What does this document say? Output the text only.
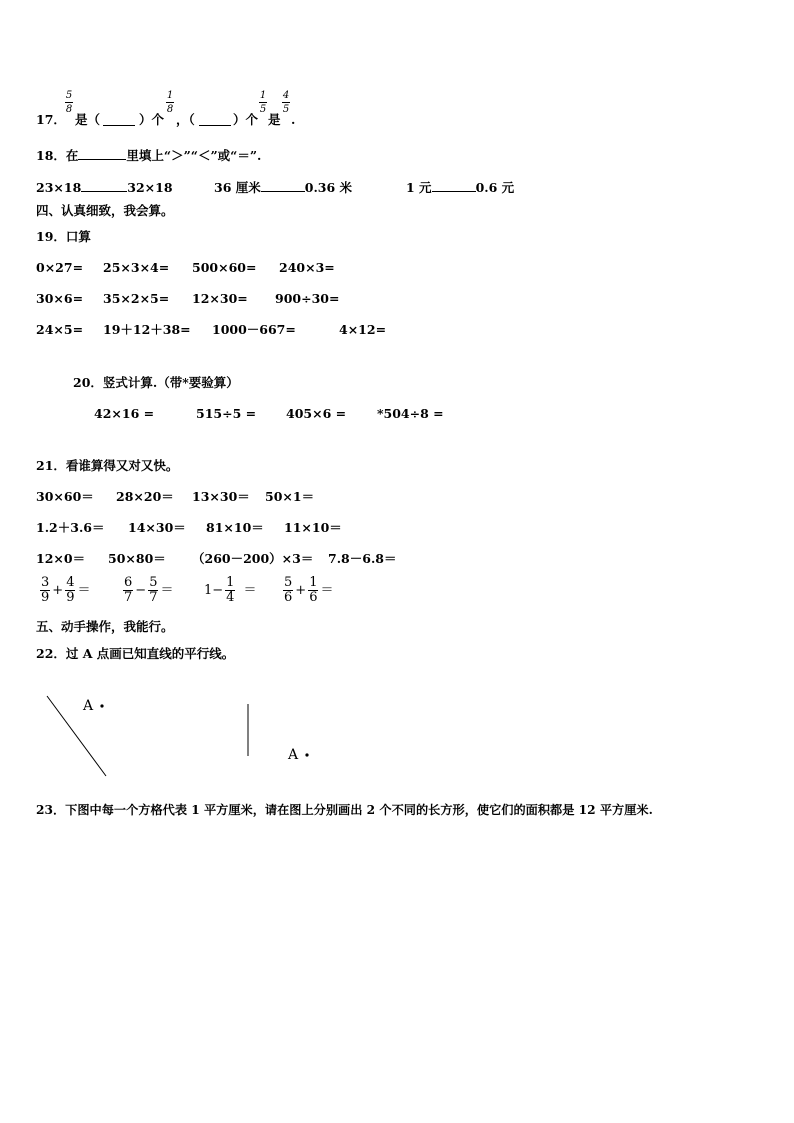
17．
5
8
是（	）个
1
8
，（	）个
1
5
是
4
5
.
18．在	里填上“＞”“＜”或“＝”.
23×18	32×18	36 厘米	0.36 米	1 元	0.6 元
四、认真细致，我会算。
19．口算
0×27= 25×3×4= 500×60= 240×3=
30×6= 35×2×5= 12×30= 900÷30=
24×5= 19＋12＋38= 1000－667=	4×12=
20．竖式计算.（带*要验算）
42×16 =	515÷5 = 405×6 = *504÷8 =
21．看谁算得又对又快。
30×60＝ 28×20＝ 13×30＝ 50×1＝
1.2＋3.6＝ 14×30＝ 81×10＝ 11×10＝
12×0＝ 50×80＝ （260－200）×3＝ 7.8－6.8＝
$\frac{3}{9} + \frac{4}{9}$ ＝	$\frac{6}{7} - \frac{5}{7} = 1- \frac{1}{4} = \frac{5}{6} + \frac{1}{6}$ ＝
五、动手操作，我能行。
22．过 A 点画已知直线的平行线。
A
A
23．下图中每一个方格代表 1 平方厘米，请在图上分别画出 2 个不同的长方形，使它们的面积都是 12 平方厘米.
